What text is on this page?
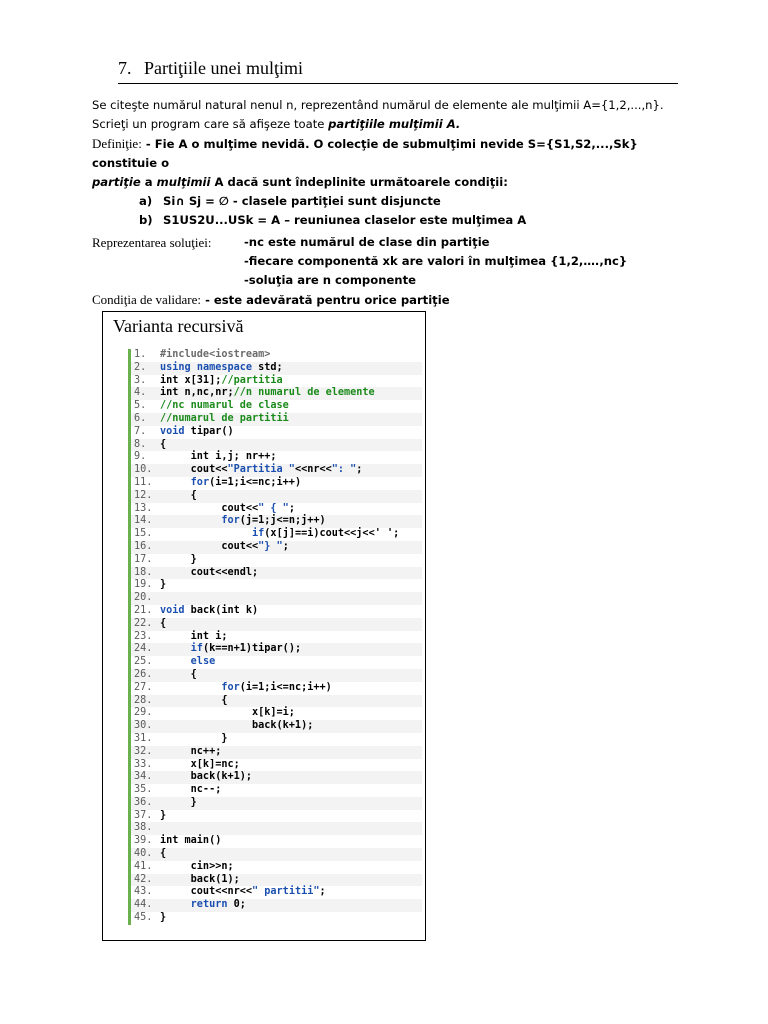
7. Partiţiile unei mulţimi
Se citeşte numărul natural nenul n, reprezentând numărul de elemente ale mulţimii A={1,2,...,n}.
Scrieţi un program care să afişeze toate partiţiile mulţimii A.
Definiţie: - Fie A o mulţime nevidă. O colecţie de submulţimi nevide S={S1,S2,...,Sk} constituie o
partiţie a mulţimii A dacă sunt îndeplinite următoarele condiţii:
a) Si∩ Sj = ∅ - clasele partiţiei sunt disjuncte
b) S1US2U...USk = A – reuniunea claselor este mulţimea A
Reprezentarea soluţiei:	-nc este numărul de clase din partiţie
-fiecare componentă xk are valori în mulţimea {1,2,….,nc}
-soluţia are n componente
Condiţia de validare: - este adevărată pentru orice partiţie
Varianta recursivă
1.	#include<iostream>
2.	using namespace std;
3.	int x[31];//partitia
4.	int n,nc,nr;//n numarul de elemente
5.	//nc numarul de clase
6.	//numarul de partitii
7.	void tipar()
8.	{
9.	int i,j; nr++;
10. cout<<"Partitia "<<nr<<": ";
11.	for(i=1;i<=nc;i++)
12. {
13. cout<<" { ";
14.	for(j=1;j<=n;j++)
15.	if(x[j]==i)cout<<j<<' ';
16. cout<<"} ";
17. }
18. cout<<endl;
19. }
20.
21. void back(int k)
22. {
23. int i;
24.	if(k==n+1)tipar();
25.	else
26. {
27.	for(i=1;i<=nc;i++)
28. {
29. x[k]=i;
30. back(k+1);
31. }
32. nc++;
33. x[k]=nc;
34. back(k+1);
35. nc--;
36. }
37. }
38.
39. int main()
40. {
41. cin>>n;
42. back(1);
43. cout<<nr<<" partitii";
44.	return 0;
45. }
